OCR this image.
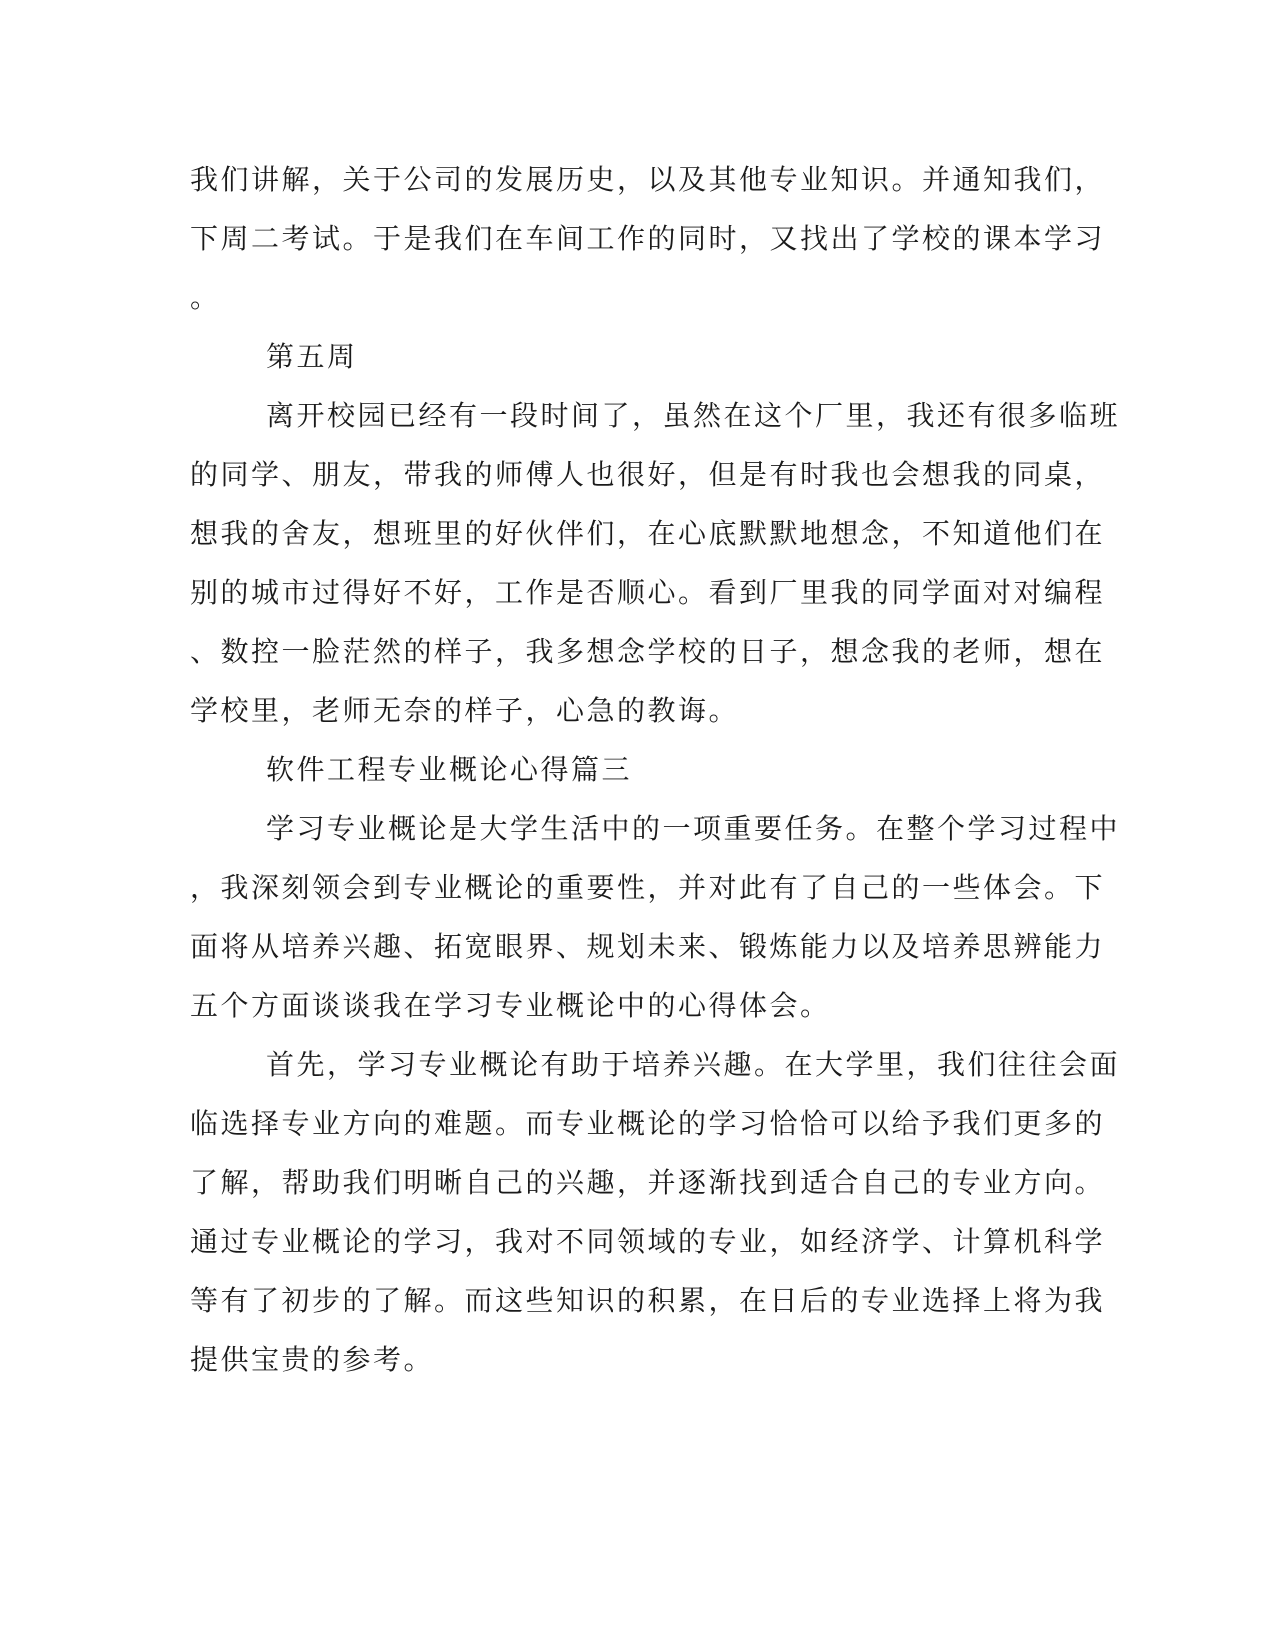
我们讲解，关于公司的发展历史，以及其他专业知识。并通知我们，

下周二考试。于是我们在车间工作的同时，又找出了学校的课本学习

。

第五周

离开校园已经有一段时间了，虽然在这个厂里，我还有很多临班

的同学、朋友，带我的师傅人也很好，但是有时我也会想我的同桌，

想我的舍友，想班里的好伙伴们，在心底默默地想念，不知道他们在

别的城市过得好不好，工作是否顺心。看到厂里我的同学面对对编程

、数控一脸茫然的样子，我多想念学校的日子，想念我的老师，想在

学校里，老师无奈的样子，心急的教诲。

软件工程专业概论心得篇三

学习专业概论是大学生活中的一项重要任务。在整个学习过程中

，我深刻领会到专业概论的重要性，并对此有了自己的一些体会。下

面将从培养兴趣、拓宽眼界、规划未来、锻炼能力以及培养思辨能力

五个方面谈谈我在学习专业概论中的心得体会。

首先，学习专业概论有助于培养兴趣。在大学里，我们往往会面

临选择专业方向的难题。而专业概论的学习恰恰可以给予我们更多的

了解，帮助我们明晰自己的兴趣，并逐渐找到适合自己的专业方向。

通过专业概论的学习，我对不同领域的专业，如经济学、计算机科学

等有了初步的了解。而这些知识的积累，在日后的专业选择上将为我

提供宝贵的参考。
